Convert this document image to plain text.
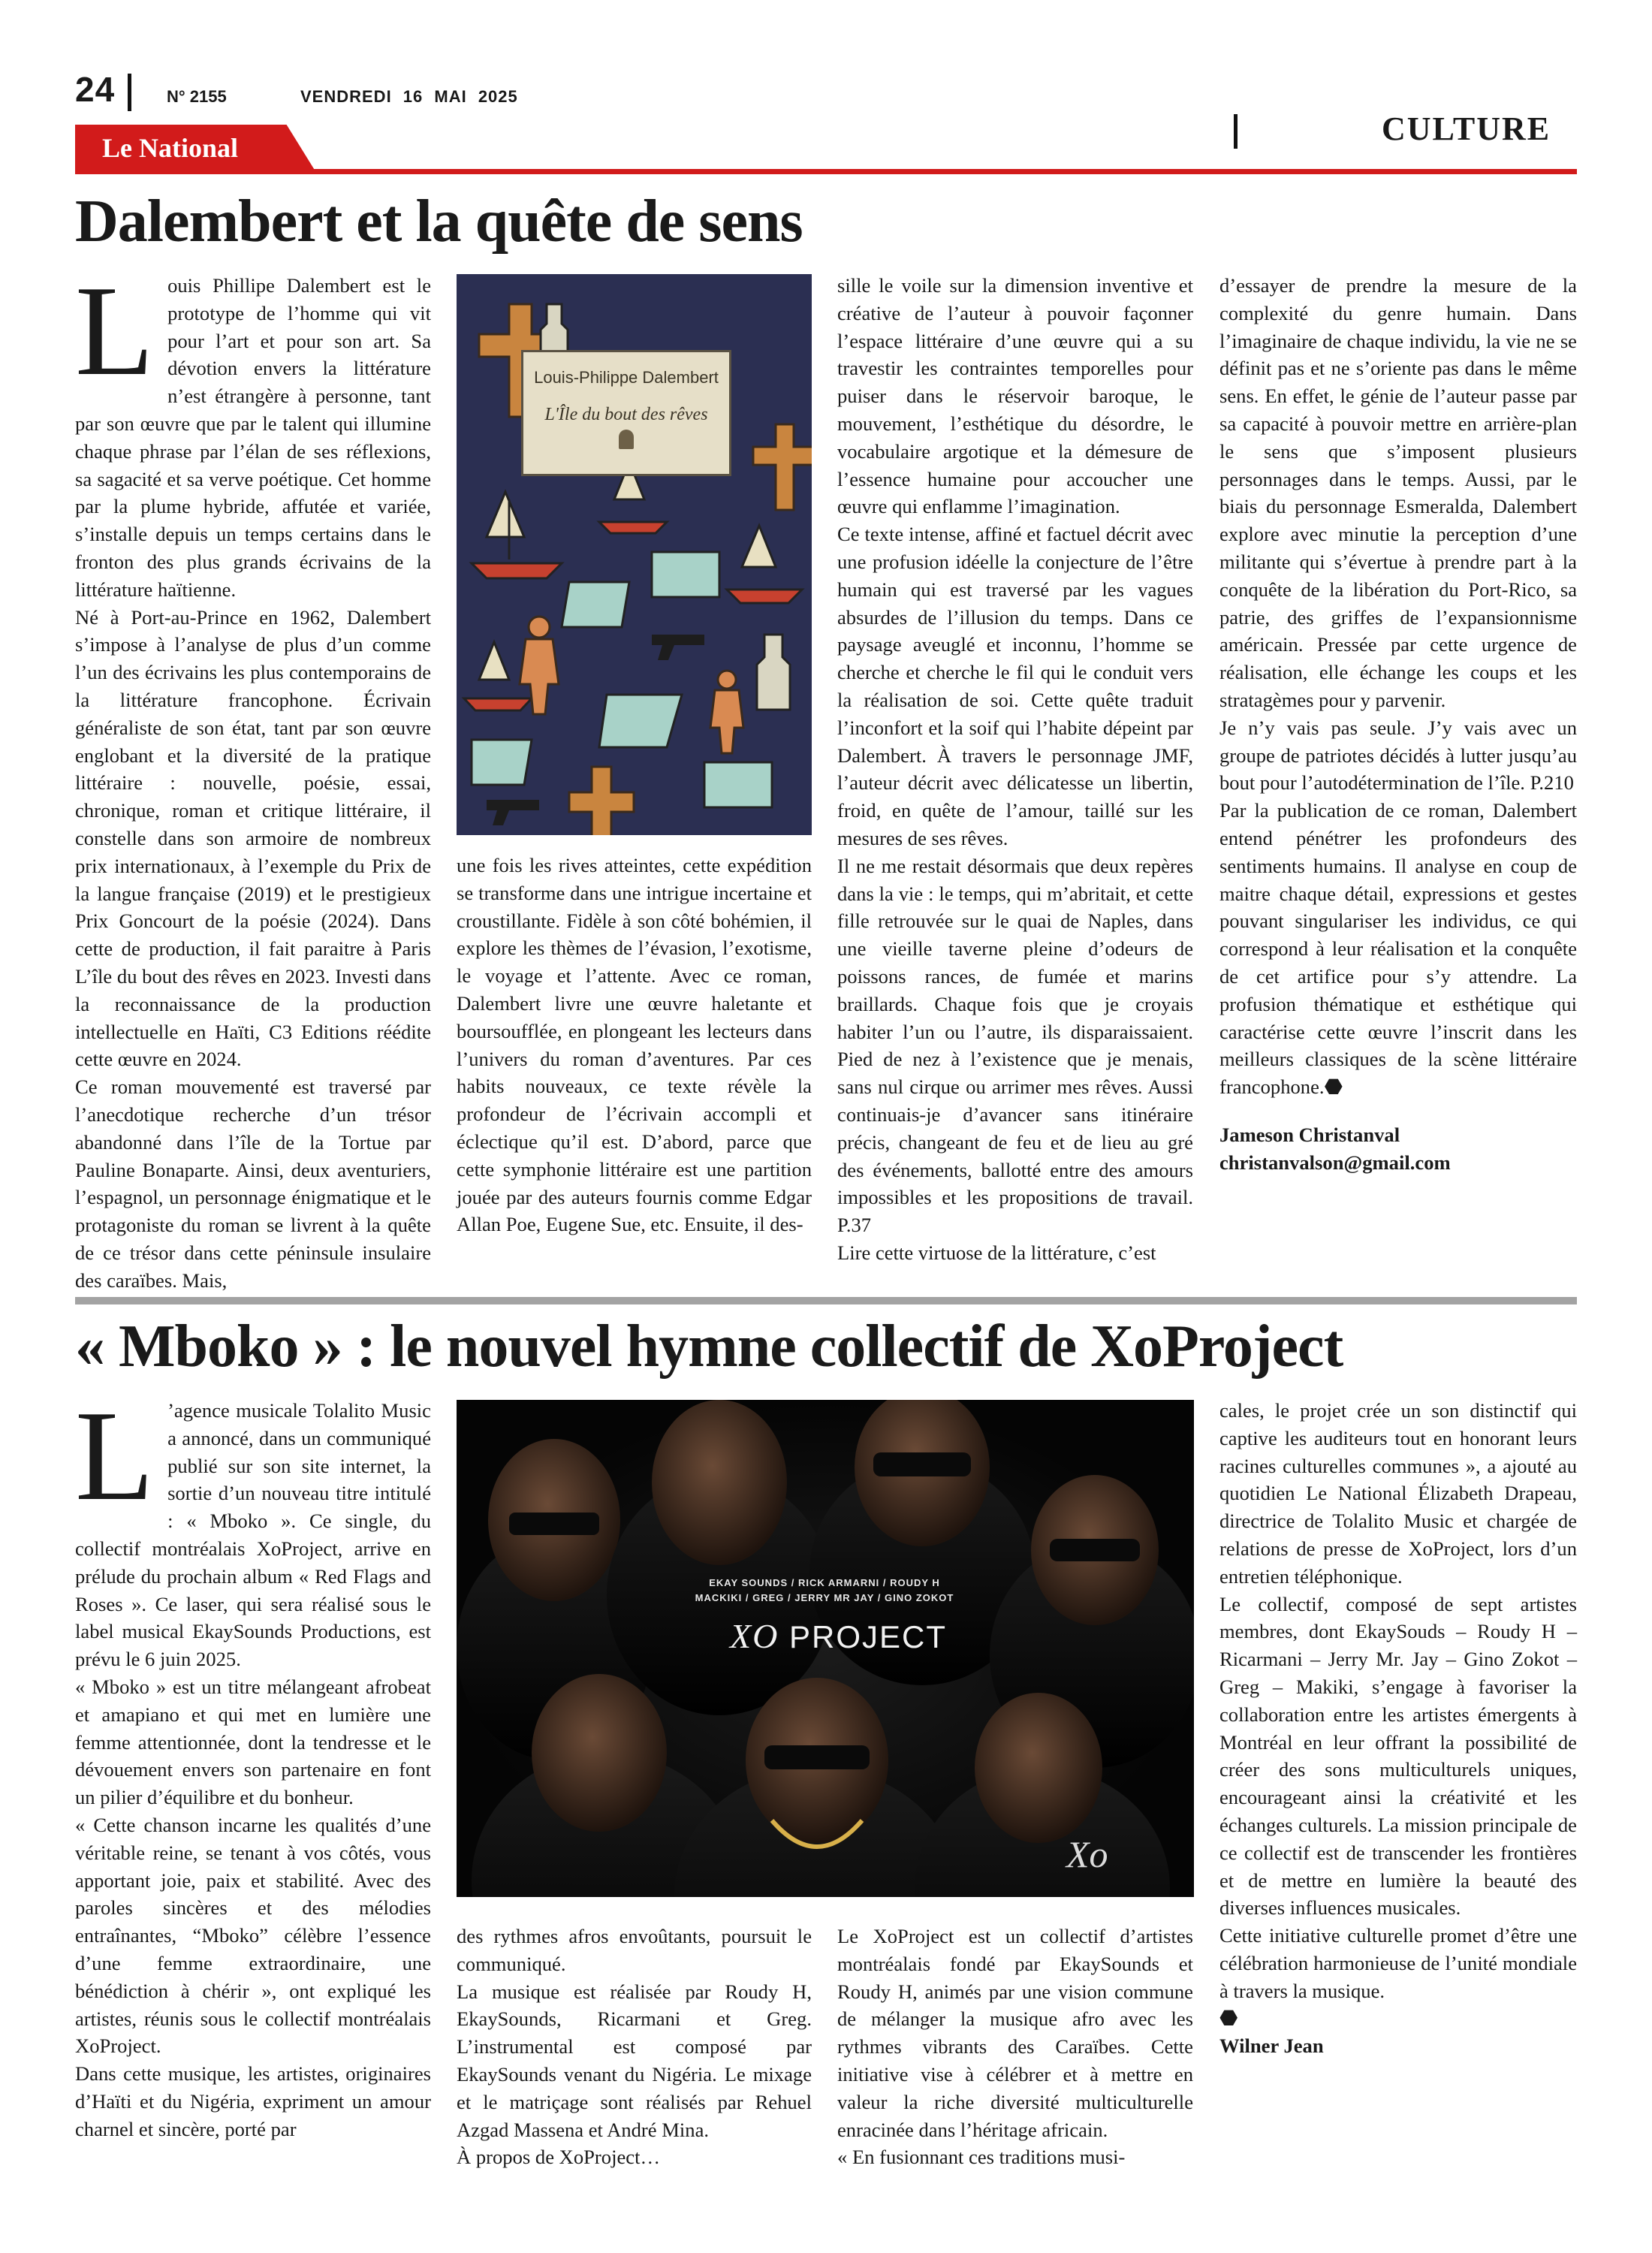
24	N° 2155	VENDREDI 16 MAI 2025
Le National
CULTURE
Dalembert et la quête de sens

Louis Phillipe Dalembert est le prototype de l’homme qui vit pour l’art et pour son art. Sa dévotion envers la littérature n’est étrangère à personne, tant par son œuvre que par le talent qui illumine chaque phrase par l’élan de ses réflexions, sa sagacité et sa verve poétique. Cet homme par la plume hybride, affutée et variée, s’installe depuis un temps certains dans le fronton des plus grands écrivains de la littérature haïtienne.

Né à Port-au-Prince en 1962, Dalembert s’impose à l’analyse de plus d’un comme l’un des écrivains les plus contemporains de la littérature francophone. Écrivain généraliste de son état, tant par son œuvre englobant et la diversité de la pratique littéraire : nouvelle, poésie, essai, chronique, roman et critique littéraire, il constelle dans son armoire de nombreux prix internationaux, à l’exemple du Prix de la langue française (2019) et le prestigieux Prix Goncourt de la poésie (2024). Dans cette de production, il fait paraitre à Paris L’île du bout des rêves en 2023. Investi dans la reconnaissance de la production intellectuelle en Haïti, C3 Editions réédite cette œuvre en 2024.

Ce roman mouvementé est traversé par l’anecdotique recherche d’un trésor abandonné dans l’île de la Tortue par Pauline Bonaparte. Ainsi, deux aventuriers, l’espagnol, un personnage énigmatique et le protagoniste du roman se livrent à la quête de ce trésor dans cette péninsule insulaire des caraïbes. Mais,

Louis-Philippe Dalembert
L'Île du bout des rêves

une fois les rives atteintes, cette expédition se transforme dans une intrigue incertaine et croustillante. Fidèle à son côté bohémien, il explore les thèmes de l’évasion, l’exotisme, le voyage et l’attente. Avec ce roman, Dalembert livre une œuvre haletante et boursoufflée, en plongeant les lecteurs dans l’univers du roman d’aventures. Par ces habits nouveaux, ce texte révèle la profondeur de l’écrivain accompli et éclectique qu’il est. D’abord, parce que cette symphonie littéraire est une partition jouée par des auteurs fournis comme Edgar Allan Poe, Eugene Sue, etc. Ensuite, il des-

sille le voile sur la dimension inventive et créative de l’auteur à pouvoir façonner l’espace littéraire d’une œuvre qui a su travestir les contraintes temporelles pour puiser dans le réservoir baroque, le mouvement, l’esthétique du désordre, le vocabulaire argotique et la démesure de l’essence humaine pour accoucher une œuvre qui enflamme l’imagination.

Ce texte intense, affiné et factuel décrit avec une profusion idéelle la conjecture de l’être humain qui est traversé par les vagues absurdes de l’illusion du temps. Dans ce paysage aveuglé et inconnu, l’homme se cherche et cherche le fil qui le conduit vers la réalisation de soi. Cette quête traduit l’inconfort et la soif qui l’habite dépeint par Dalembert. À travers le personnage JMF, l’auteur décrit avec délicatesse un libertin, froid, en quête de l’amour, taillé sur les mesures de ses rêves.

Il ne me restait désormais que deux repères dans la vie : le temps, qui m’abritait, et cette fille retrouvée sur le quai de Naples, dans une vieille taverne pleine d’odeurs de poissons rances, de fumée et marins braillards. Chaque fois que je croyais habiter l’un ou l’autre, ils disparaissaient. Pied de nez à l’existence que je menais, sans nul cirque ou arrimer mes rêves. Aussi continuais-je d’avancer sans itinéraire précis, changeant de feu et de lieu au gré des événements, ballotté entre des amours impossibles et les propositions de travail. P.37

Lire cette virtuose de la littérature, c’est

d’essayer de prendre la mesure de la complexité du genre humain. Dans l’imaginaire de chaque individu, la vie ne se définit pas et ne s’oriente pas dans le même sens. En effet, le génie de l’auteur passe par sa capacité à pouvoir mettre en arrière-plan le sens que s’imposent plusieurs personnages dans le temps. Aussi, par le biais du personnage Esmeralda, Dalembert explore avec minutie la perception d’une militante qui s’évertue à prendre part à la conquête de la libération du Port-Rico, sa patrie, des griffes de l’expansionnisme américain. Pressée par cette urgence de réalisation, elle échange les coups et les stratagèmes pour y parvenir.

Je n’y vais pas seule. J’y vais avec un groupe de patriotes décidés à lutter jusqu’au bout pour l’autodétermination de l’île. P.210

Par la publication de ce roman, Dalembert entend pénétrer les profondeurs des sentiments humains. Il analyse en coup de maitre chaque détail, expressions et gestes pouvant singulariser les individus, ce qui correspond à leur réalisation et la conquête de cet artifice pour s’y attendre. La profusion thématique et esthétique qui caractérise cette œuvre l’inscrit dans les meilleurs classiques de la scène littéraire francophone.⬣

Jameson Christanval

christanvalson@gmail.com

« Mboko » : le nouvel hymne collectif de XoProject

L ’agence musicale Tolalito Music a annoncé, dans un communiqué publié sur son site internet, la sortie d’un nouveau titre intitulé : « Mboko ». Ce single, du collectif montréalais XoProject, arrive en prélude du prochain album « Red Flags and Roses ». Ce laser, qui sera réalisé sous le label musical EkaySounds Productions, est prévu le 6 juin 2025.

« Mboko » est un titre mélangeant afrobeat et amapiano et qui met en lumière une femme attentionnée, dont la tendresse et le dévouement envers son partenaire en font un pilier d’équilibre et du bonheur.

« Cette chanson incarne les qualités d’une véritable reine, se tenant à vos côtés, vous apportant joie, paix et stabilité. Avec des paroles sincères et des mélodies entraînantes, “Mboko” célèbre l’essence d’une femme extraordinaire, une bénédiction à chérir », ont expliqué les artistes, réunis sous le collectif montréalais XoProject.

Dans cette musique, les artistes, originaires d’Haïti et du Nigéria, expriment un amour charnel et sincère, porté par

EKAY SOUNDS / RICK ARMARNI / ROUDY H
MACKIKI / GREG / JERRY MR JAY / GINO ZOKOT
XO PROJECT
Xo

des rythmes afros envoûtants, poursuit le communiqué.

La musique est réalisée par Roudy H, EkaySounds, Ricarmani et Greg. L’instrumental est composé par EkaySounds venant du Nigéria. Le mixage et le matriçage sont réalisés par Rehuel Azgad Massena et André Mina.

À propos de XoProject…

Le XoProject est un collectif d’artistes montréalais fondé par EkaySounds et Roudy H, animés par une vision commune de mélanger la musique afro avec les rythmes vibrants des Caraïbes. Cette initiative vise à célébrer et à mettre en valeur la riche diversité multiculturelle enracinée dans l’héritage africain.

« En fusionnant ces traditions musi-

cales, le projet crée un son distinctif qui captive les auditeurs tout en honorant leurs racines culturelles communes », a ajouté au quotidien Le National Élizabeth Drapeau, directrice de Tolalito Music et chargée de relations de presse de XoProject, lors d’un entretien téléphonique.

Le collectif, composé de sept artistes membres, dont EkaySouds – Roudy H – Ricarmani – Jerry Mr. Jay – Gino Zokot – Greg – Makiki, s’engage à favoriser la collaboration entre les artistes émergents à Montréal en leur offrant la possibilité de créer des sons multiculturels uniques, encourageant ainsi la créativité et les échanges culturels. La mission principale de ce collectif est de transcender les frontières et de mettre en lumière la beauté des diverses influences musicales.

Cette initiative culturelle promet d’être une célébration harmonieuse de l’unité mondiale à travers la musique.

⬣

Wilner Jean
